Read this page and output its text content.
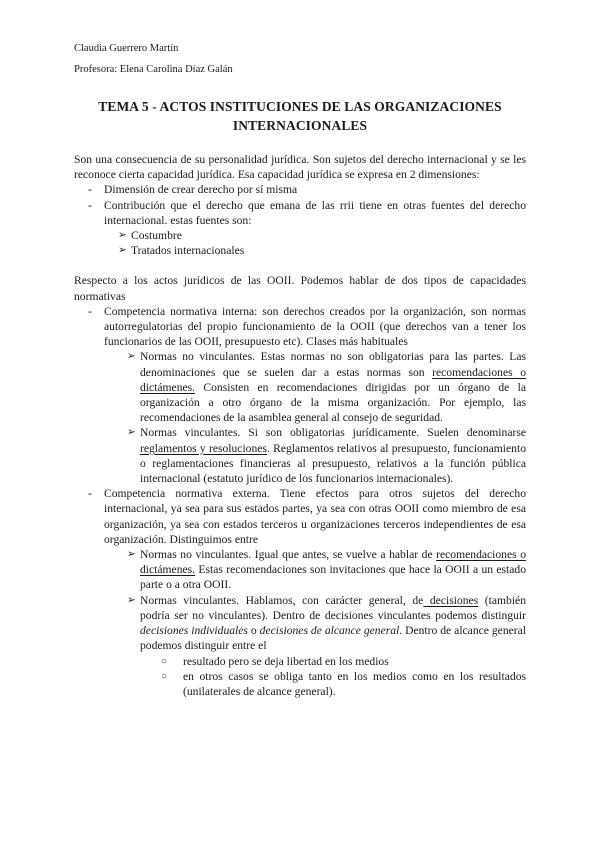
Claudia Guerrero Martín
Profesora: Elena Carolina Díaz Galán
TEMA 5 - ACTOS INSTITUCIONES DE LAS ORGANIZACIONES INTERNACIONALES

Son una consecuencia de su personalidad jurídica. Son sujetos del derecho internacional y se les reconoce cierta capacidad jurídica. Esa capacidad jurídica se expresa en 2 dimensiones:

-	Dimensión de crear derecho por sí misma
-	Contribución que el derecho que emana de las rrii tiene en otras fuentes del derecho internacional. estas fuentes son:
➢ Costumbre
➢ Tratados internacionales

Respecto a los actos jurídicos de las OOII. Podemos hablar de dos tipos de capacidades normativas

-	Competencia normativa interna: son derechos creados por la organización, son normas autorregulatorias del propio funcionamiento de la OOII (que derechos van a tener los funcionarios de las OOII, presupuesto etc). Clases más habituales
➢ Normas no vinculantes. Estas normas no son obligatorias para las partes. Las denominaciones que se suelen dar a estas normas son recomendaciones o dictámenes. Consisten en recomendaciones dirigidas por un órgano de la organización a otro órgano de la misma organización. Por ejemplo, las recomendaciones de la asamblea general al consejo de seguridad.
➢ Normas vinculantes. Si son obligatorias jurídicamente. Suelen denominarse reglamentos y resoluciones. Reglamentos relativos al presupuesto, funcionamiento o reglamentaciones financieras al presupuesto, relativos a la función pública internacional (estatuto jurídico de los funcionarios internacionales).
-	Competencia normativa externa. Tiene efectos para otros sujetos del derecho internacional, ya sea para sus estados partes, ya sea con otras OOII como miembro de esa organización, ya sea con estados terceros u organizaciones terceros independientes de esa organización. Distinguimos entre
➢ Normas no vinculantes. Igual que antes, se vuelve a hablar de recomendaciones o dictámenes. Estas recomendaciones son invitaciones que hace la OOII a un estado parte o a otra OOII.
➢ Normas vinculantes. Hablamos, con carácter general, de decisiones (también podría ser no vinculantes). Dentro de decisiones vinculantes podemos distinguir decisiones individuales o decisiones de alcance general. Dentro de alcance general podemos distinguir entre el
○	resultado pero se deja libertad en los medios
○	en otros casos se obliga tanto en los medios como en los resultados (unilaterales de alcance general).
